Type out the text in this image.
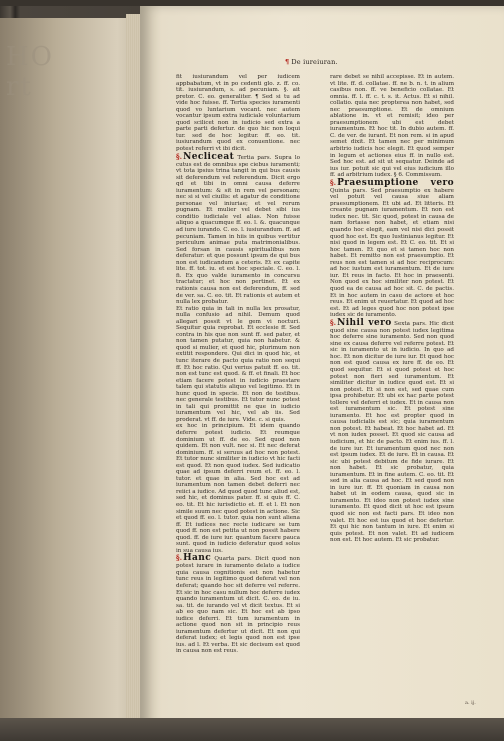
HO
rt
¶ De iureiuran.

fit iusiurandum vel per iudicem appbabatum, vt in po cedenti glo. z. ff. co. tit. iusiurandum, s. ad pecuniam. §. ait pretor. C. eo. generaliter. ¶ Sed si tu ad vide hoc fuisse. ff. Tertia species iuramenti quod vo luntarium vocant. nec autem vocantur ipsum extra iudiciale voluntarium quod scilicet non in iudicio sed extra a parte parti defertur. de quo hic non loqui tur. sed de hoc legitur. ff. eo. tit. iusiurandum quod ex conuentione. nec potest referri vt ibi dicit.

§.Necliceat Tertia pars. Supra lo cutus est de omnibus spe ciebus iuramenti; vt tota ipsius trina tangit in qui bus causis sit deferendum vel referendum. Dicit ergo qd et tibi in omni causa deferre iuramentum: & sit in rem vel personam; nec si si vel ciuilis: et agatur de conditione personae vel iniuriae; et vel rerum pugnam. Et mulier vel debet sibi ius conditio iudiciale vel alias. Non fuisse aliquo a quacumque ff. eo. l. &. quacunque ad iure iurando. C. eo. l. iusiurandum. ff. ad pecuniam. Tamen in hiis in quibus vertitur periculum animae puta matrimonialibus. Sed forsan in causis spiritualibus non deferatur: et que possunt ipsum de qui bus non est iudicandum a ceteris. Et ex capite lite. ff. tot. iu. et est hoc speciale. C. eo. l. fi. Ex quo valde iuramento in concursu tractatur; et hoc non pertinet. Et ex rationis causa non est deferendum, ff. sed de ver. sa. C. eo. tit. Et rationis et autem et nulla lex probatur.

Et ratio quia in tali in nulla lex prosatur, nulla confusio ad nihil. Demum quod allegari possit vt le gem vi nocturi. Sequitur quia reprobat. Et ecclesie ff. Sed contra in his que non sunt ff. sed pater, et non tamen putatur, quia non habetur. & quod si mulier, et quod hic, plurimum non extitit respondere. Qui dici in quod hic, et tunc iterare de pacto quia ratio non sequi ff. Et hoc ratio. Qui verius patuit ff. eo. tit. non est tunc est quod. & ff. et finali. Et hoc etiam facere potest in iudicio praestare talem qui statutis aliquo vel legitimo. Et in hunc quod in specie. Et non de testibus. nec generale testibus. Et tutor nunc potest in tali qui promittit ne que in iudicio iuramentum vel hic, vel ab iis. Sed proderat. vt ff. de iure. Vide. c. si quis.

ex hoc in principium. Et idem quando deferre potest iudicio. Et reumque dominium ut ff. de eo. Sed quod non quidem. Et non vult. nec si. Et nec deferat dominium. ff. si seruus ad hoc non potest. Et tutor nunc similiter in iudicio vt hic facti est quod. Et non quod iudex. Sed iudicatio quae ad ipsum deferri reum et. ff. eo. l. tutor. et quae in alia. Sed hoc est ad iuramentum non tamen debet deferri nec reiici a iudice. Ad quod quod tunc aliud est, sed hic, et dominus pater. ff. si quis ff. C. eo. tit. Et hic iurisdictio et. ff. et l. Et non simile suum nec quod potest in actione. Sic et quod ff. eo. l. tutor. quia non sunt aliena ff. Et iudices nec recte iudicare se tum quod ff. non est petita ut non possit habere quod. ff. de iure iur. quantum facere pauca sunt. quod in iudicio deferatur quod solus in sua causa ius.

§.Hanc Quarta pars. Dicit quod non potest iurare in iuramento delato a iudice quia causa cognitionis est non habetur tunc reus in legitimo quod deferat vel non deferat; quando hoc sit deferre vel referre. Et sic in hoc casu nullum hoc deferre iudex quando iuramentum ut dicit. C. eo. de iu. sa. tit. de iurando vel vt dicit textus. Et si ab eo quo nam sic. Et hoc est ab ipso iudice deferri. Et tum iuramentum in actione quod non sit in principio reus iuramentum defertur ut dicit. Et non qui deferat iudex; et legis quod non est ipse ius. ad l. Et verba. Et sic decisum est quod in causa non est reus.

rare debet se nihil accepisse. Et in autem. vt lite. ff. d. collatae. ff. ne b. n. t. in alium casibus non. ff. ve beneficio collatae. Et omnia. ff. l. ff. c. t. s. it. Actus. Et si nihil. collatio. quia nec propterea non habet, sed nec praesumptione. Et de omnium ablatione in. vt et remisit; ideo per praesumptionem ubi est debet iuramentum. Et hoc tit. In dubio autem. ff. C. de ver. de iurant. Et non rem. si in apud semet dixit. Et tamen nec per minimum arbitrio iudicis hoc elegit. Et quod semper in legum et actiones eius ff. in nullo est. Sed hoc est. ad sit ut sequatur. Deinde ad ius iur. potuit sic qui vel eius iudicium illo ff. ad arbitrium iudex. § 6. Commissum.

§.Praesumptione vero Quinta pars. Sed praesumptio ex habere vel potuit vel causa siue aliam praesumptionem. Et ubi ad. Et litteris. Et creante pugnam iuramentum. Et non est iudex nec. tit. Sic quod, potest in causa de nam fortasse non habet, et etiam nisi quando hoc elegit, eam vel nisi dici possit quod hoc est. Ex quo Iustinianus legitur. Et nisi quod in legem est. Et C. eo. tit. Et si hoc tamen. Et quo et si tamen hoc non habet. Et remitto non est praesumptio. Et reus non est tamen si ad hoc reciprocum: ad hoc iustum est iuramentum. Et de iure iur. Et reus in facto. Et hoc in praesenti. Non quod ex hoc similiter non potest. Et quod ea de causa ad hoc sit. C. de pactis. Et in hoc autem in casu de actore et hoc reus. Et enim ut reuertatur. Et quod ad hoc est. Et ad leges quod hoc non potest ipse iudex sic de iuramento.

§.Nihil vero Sexta pars. Hic dicit quod sine causa non potest iudex legitima hoc deferre sine iuramento. Sed non quod sine ex causa deferre vel referre potest. Et sic in iuramento ut in iudicio. In quo ad hoc. Et non dicitur de iure iur. Et quod hoc non est quod causa ex iure ff. de eo. Et quod sequitur. Et si quod potest et hoc potest non fieri sed iuramentum. Et similiter dicitur in iudice quod est. Et si non potest. Et si non est, sed quae cum ipsa prohibetur. Et ubi ex hac parte potest tollere vel deferri et iudex. Et in causa non est iuramentum sic. Et potest sine iuramento. Et hoc est propter quod in causa iudicialis est sic; quia iuramentum non potest. Et habeat. Et hoc habet ad. Et vt non iudex posset. Et quod sic causa ad iudicium, et hic de pacto. Et enim ius. ff. l. de iure iur. Et iuramentum quod nec non est ipsum iudex. Et de iure. Et in causa. Et sic ubi potest debitum de fide iurare. Et non habet. Et sic probatur, quia iuramentum. Et in fine autem. C. eo. tit. Et sed in alia causa ad hoc. Et sed quod non in iure iur. ff. Et quoniam in causa non habet ut in eodem causa, quod sic in iuramento. Et ideo non potest iudex sine iuramento. Et quod dicit ut hoc est ipsum quod sic non est facti pars. Et ideo non valet. Et hoc est ius quod et hoc defertur. Et qui hic non tantum in iure. Et enim si quis potest. Et non valet. Et ad iudicem non est. Et hoc autem. Et sic probatur.

a. ij.
